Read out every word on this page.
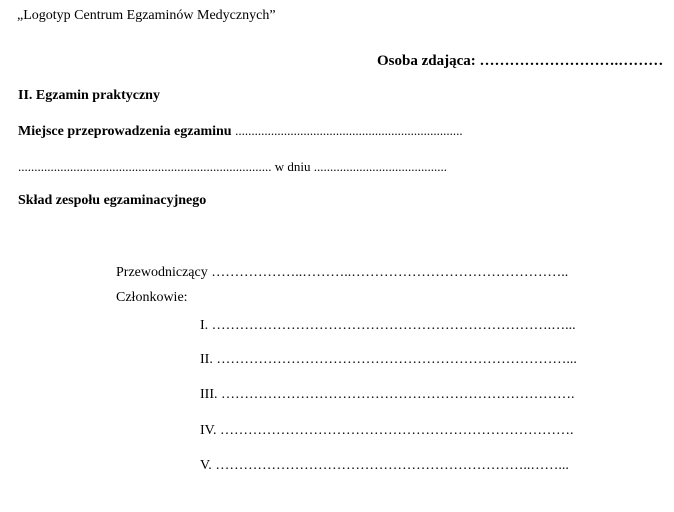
„Logotyp Centrum Egzaminów Medycznych”
Osoba zdająca: ……………………….………
II. Egzamin praktyczny
Miejsce przeprowadzenia egzaminu ......................................................................
.............................................................................. w dniu .........................................
Skład zespołu egzaminacyjnego
Przewodniczący ………………..………..………………………………………..
Członkowie:
I. ……………………………………………………………….…...
II. …………………………………………………………………...
III. ………………………………………………………………….
IV. ………………………………………………………………….
V. …………………………………………………………..……...
